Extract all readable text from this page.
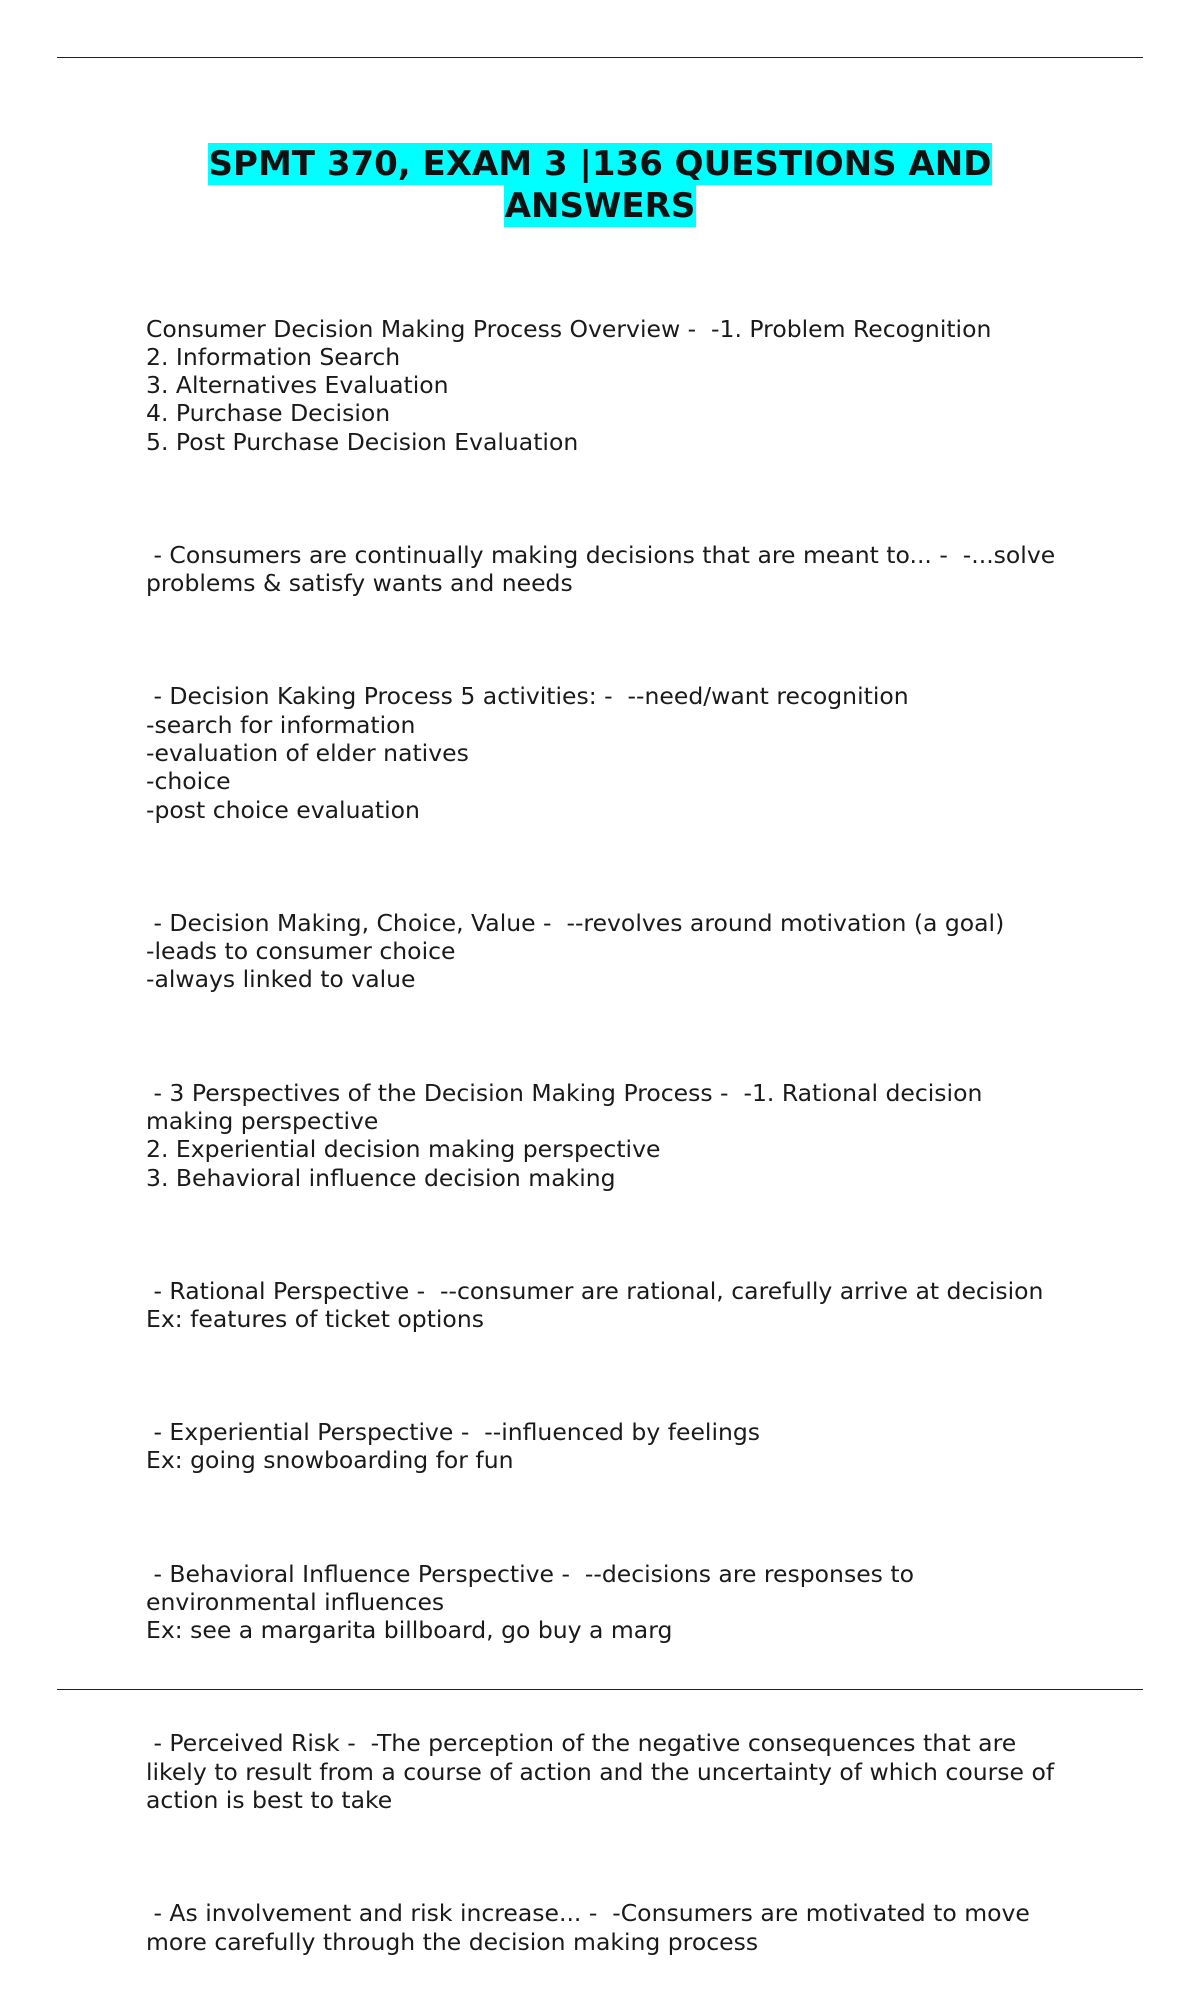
SPMT 370, EXAM 3 |136 QUESTIONS AND
ANSWERS

Consumer Decision Making Process Overview -  -1. Problem Recognition
2. Information Search
3. Alternatives Evaluation
4. Purchase Decision
5. Post Purchase Decision Evaluation

- Consumers are continually making decisions that are meant to... -  -...solve
problems & satisfy wants and needs

- Decision Kaking Process 5 activities: -  --need/want recognition
-search for information
-evaluation of elder natives
-choice
-post choice evaluation

- Decision Making, Choice, Value -  --revolves around motivation (a goal)
-leads to consumer choice
-always linked to value

- 3 Perspectives of the Decision Making Process -  -1. Rational decision
making perspective
2. Experiential decision making perspective
3. Behavioral influence decision making

- Rational Perspective -  --consumer are rational, carefully arrive at decision
Ex: features of ticket options

- Experiential Perspective -  --influenced by feelings
Ex: going snowboarding for fun

- Behavioral Influence Perspective -  --decisions are responses to
environmental influences
Ex: see a margarita billboard, go buy a marg

- Perceived Risk -  -The perception of the negative consequences that are
likely to result from a course of action and the uncertainty of which course of
action is best to take

- As involvement and risk increase... -  -Consumers are motivated to move
more carefully through the decision making process
